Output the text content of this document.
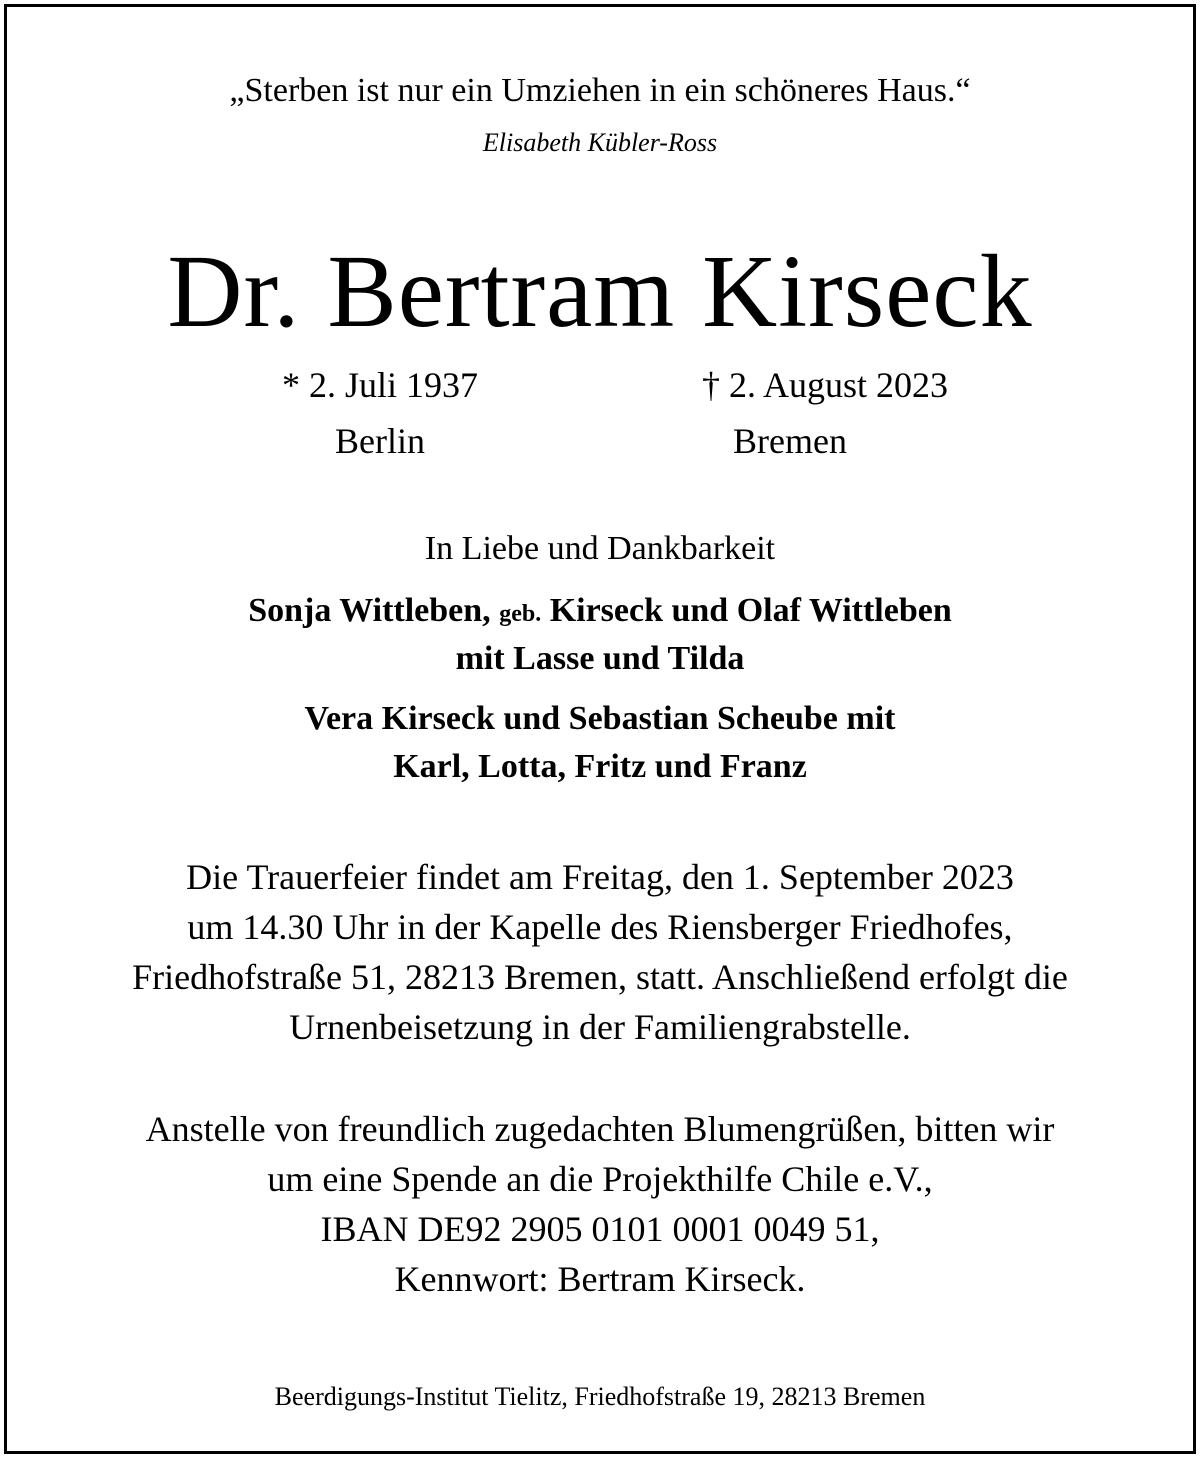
„Sterben ist nur ein Umziehen in ein schöneres Haus.“
Elisabeth Kübler-Ross
Dr. Bertram Kirseck
* 2. Juli 1937	† 2. August 2023
Berlin	Bremen
In Liebe und Dankbarkeit
Sonja Wittleben, geb. Kirseck und Olaf Wittleben
mit Lasse und Tilda
Vera Kirseck und Sebastian Scheube mit
Karl, Lotta, Fritz und Franz
Die Trauerfeier findet am Freitag, den 1. September 2023
um 14.30 Uhr in der Kapelle des Riensberger Friedhofes,
Friedhofstraße 51, 28213 Bremen, statt. Anschließend erfolgt die
Urnenbeisetzung in der Familiengrabstelle.
Anstelle von freundlich zugedachten Blumengrüßen, bitten wir
um eine Spende an die Projekthilfe Chile e.V.,
IBAN DE92 2905 0101 0001 0049 51,
Kennwort: Bertram Kirseck.
Beerdigungs-Institut Tielitz, Friedhofstraße 19, 28213 Bremen
